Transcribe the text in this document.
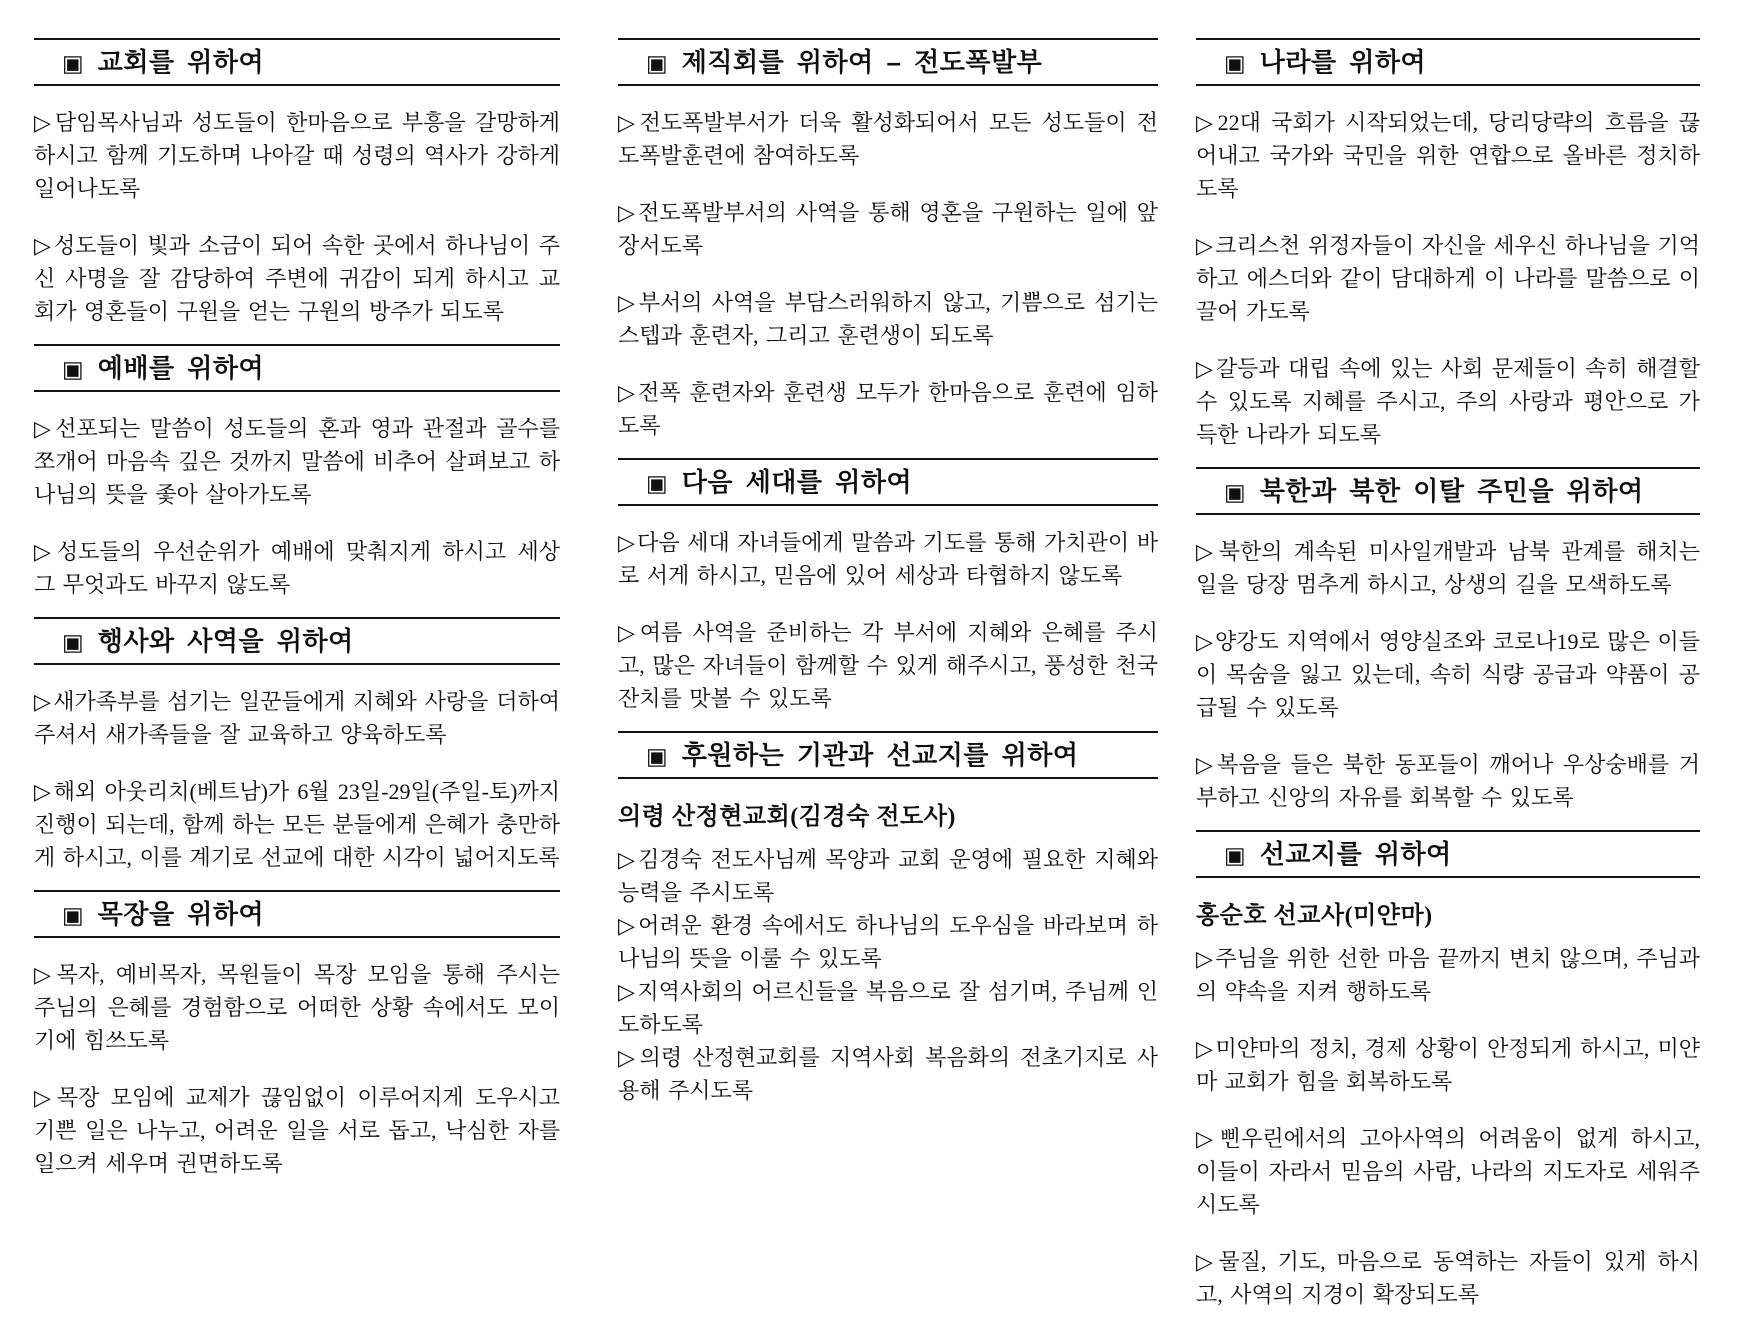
▣ 교회를 위하여

▷담임목사님과 성도들이 한마음으로 부흥을 갈망하게 하시고 함께 기도하며 나아갈 때 성령의 역사가 강하게 일어나도록

▷성도들이 빛과 소금이 되어 속한 곳에서 하나님이 주신 사명을 잘 감당하여 주변에 귀감이 되게 하시고 교회가 영혼들이 구원을 얻는 구원의 방주가 되도록

▣ 예배를 위하여

▷선포되는 말씀이 성도들의 혼과 영과 관절과 골수를 쪼개어 마음속 깊은 것까지 말씀에 비추어 살펴보고 하나님의 뜻을 좇아 살아가도록

▷성도들의 우선순위가 예배에 맞춰지게 하시고 세상 그 무엇과도 바꾸지 않도록

▣ 행사와 사역을 위하여

▷새가족부를 섬기는 일꾼들에게 지혜와 사랑을 더하여 주셔서 새가족들을 잘 교육하고 양육하도록

▷해외 아웃리치(베트남)가 6월 23일-29일(주일-토)까지 진행이 되는데, 함께 하는 모든 분들에게 은혜가 충만하게 하시고, 이를 계기로 선교에 대한 시각이 넓어지도록

▣ 목장을 위하여

▷목자, 예비목자, 목원들이 목장 모임을 통해 주시는 주님의 은혜를 경험함으로 어떠한 상황 속에서도 모이기에 힘쓰도록

▷목장 모임에 교제가 끊임없이 이루어지게 도우시고 기쁜 일은 나누고, 어려운 일을 서로 돕고, 낙심한 자를 일으켜 세우며 권면하도록

▣ 제직회를 위하여 – 전도폭발부

▷전도폭발부서가 더욱 활성화되어서 모든 성도들이 전도폭발훈련에 참여하도록

▷전도폭발부서의 사역을 통해 영혼을 구원하는 일에 앞장서도록

▷부서의 사역을 부담스러워하지 않고, 기쁨으로 섬기는 스텝과 훈련자, 그리고 훈련생이 되도록

▷전폭 훈련자와 훈련생 모두가 한마음으로 훈련에 임하도록

▣ 다음 세대를 위하여

▷다음 세대 자녀들에게 말씀과 기도를 통해 가치관이 바로 서게 하시고, 믿음에 있어 세상과 타협하지 않도록

▷여름 사역을 준비하는 각 부서에 지혜와 은혜를 주시고, 많은 자녀들이 함께할 수 있게 해주시고, 풍성한 천국 잔치를 맛볼 수 있도록

▣ 후원하는 기관과 선교지를 위하여
의령 산정현교회(김경숙 전도사)

▷김경숙 전도사님께 목양과 교회 운영에 필요한 지혜와 능력을 주시도록

▷어려운 환경 속에서도 하나님의 도우심을 바라보며 하나님의 뜻을 이룰 수 있도록

▷지역사회의 어르신들을 복음으로 잘 섬기며, 주님께 인도하도록

▷의령 산정현교회를 지역사회 복음화의 전초기지로 사용해 주시도록

▣ 나라를 위하여

▷22대 국회가 시작되었는데, 당리당략의 흐름을 끊어내고 국가와 국민을 위한 연합으로 올바른 정치하도록

▷크리스천 위정자들이 자신을 세우신 하나님을 기억하고 에스더와 같이 담대하게 이 나라를 말씀으로 이끌어 가도록

▷갈등과 대립 속에 있는 사회 문제들이 속히 해결할 수 있도록 지혜를 주시고, 주의 사랑과 평안으로 가득한 나라가 되도록

▣ 북한과 북한 이탈 주민을 위하여

▷북한의 계속된 미사일개발과 남북 관계를 해치는 일을 당장 멈추게 하시고, 상생의 길을 모색하도록

▷양강도 지역에서 영양실조와 코로나19로 많은 이들이 목숨을 잃고 있는데, 속히 식량 공급과 약품이 공급될 수 있도록

▷복음을 들은 북한 동포들이 깨어나 우상숭배를 거부하고 신앙의 자유를 회복할 수 있도록

▣ 선교지를 위하여
홍순호 선교사(미얀마)

▷주님을 위한 선한 마음 끝까지 변치 않으며, 주님과의 약속을 지켜 행하도록

▷미얀마의 정치, 경제 상황이 안정되게 하시고, 미얀마 교회가 힘을 회복하도록

▷삔우린에서의 고아사역의 어려움이 없게 하시고, 이들이 자라서 믿음의 사람, 나라의 지도자로 세워주시도록

▷물질, 기도, 마음으로 동역하는 자들이 있게 하시고, 사역의 지경이 확장되도록
